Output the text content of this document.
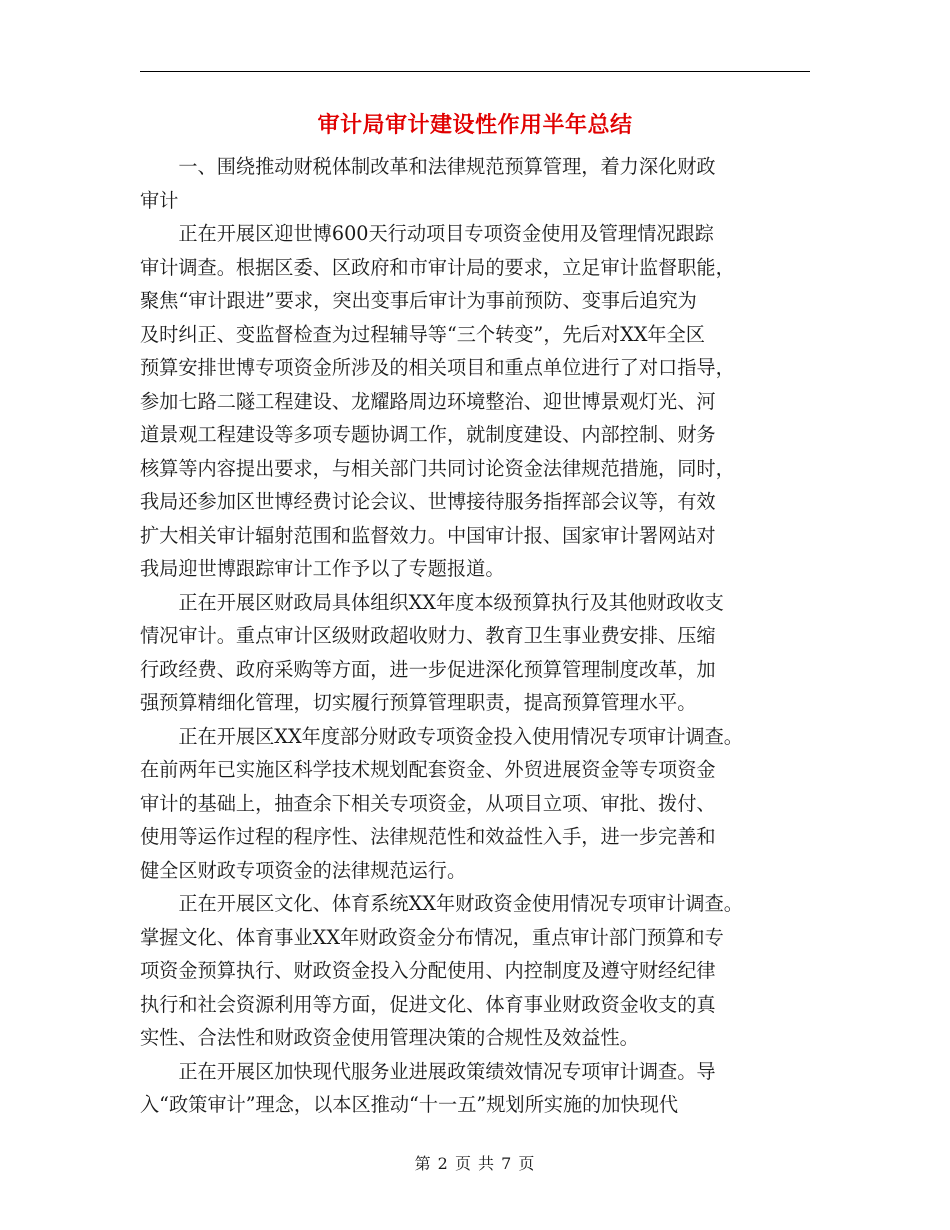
审计局审计建设性作用半年总结
　　一、围绕推动财税体制改革和法律规范预算管理，着力深化财政
审计
　　正在开展区迎世博600天行动项目专项资金使用及管理情况跟踪
审计调查。根据区委、区政府和市审计局的要求，立足审计监督职能，
聚焦“审计跟进”要求，突出变事后审计为事前预防、变事后追究为
及时纠正、变监督检查为过程辅导等“三个转变”，先后对XX年全区
预算安排世博专项资金所涉及的相关项目和重点单位进行了对口指导，
参加七路二隧工程建设、龙耀路周边环境整治、迎世博景观灯光、河
道景观工程建设等多项专题协调工作，就制度建设、内部控制、财务
核算等内容提出要求，与相关部门共同讨论资金法律规范措施，同时，
我局还参加区世博经费讨论会议、世博接待服务指挥部会议等，有效
扩大相关审计辐射范围和监督效力。中国审计报、国家审计署网站对
我局迎世博跟踪审计工作予以了专题报道。
　　正在开展区财政局具体组织XX年度本级预算执行及其他财政收支
情况审计。重点审计区级财政超收财力、教育卫生事业费安排、压缩
行政经费、政府采购等方面，进一步促进深化预算管理制度改革，加
强预算精细化管理，切实履行预算管理职责，提高预算管理水平。
　　正在开展区XX年度部分财政专项资金投入使用情况专项审计调查。
在前两年已实施区科学技术规划配套资金、外贸进展资金等专项资金
审计的基础上，抽查余下相关专项资金，从项目立项、审批、拨付、
使用等运作过程的程序性、法律规范性和效益性入手，进一步完善和
健全区财政专项资金的法律规范运行。
　　正在开展区文化、体育系统XX年财政资金使用情况专项审计调查。
掌握文化、体育事业XX年财政资金分布情况，重点审计部门预算和专
项资金预算执行、财政资金投入分配使用、内控制度及遵守财经纪律
执行和社会资源利用等方面，促进文化、体育事业财政资金收支的真
实性、合法性和财政资金使用管理决策的合规性及效益性。
　　正在开展区加快现代服务业进展政策绩效情况专项审计调查。导
入“政策审计”理念，以本区推动“十一五”规划所实施的加快现代
第 2 页 共 7 页
